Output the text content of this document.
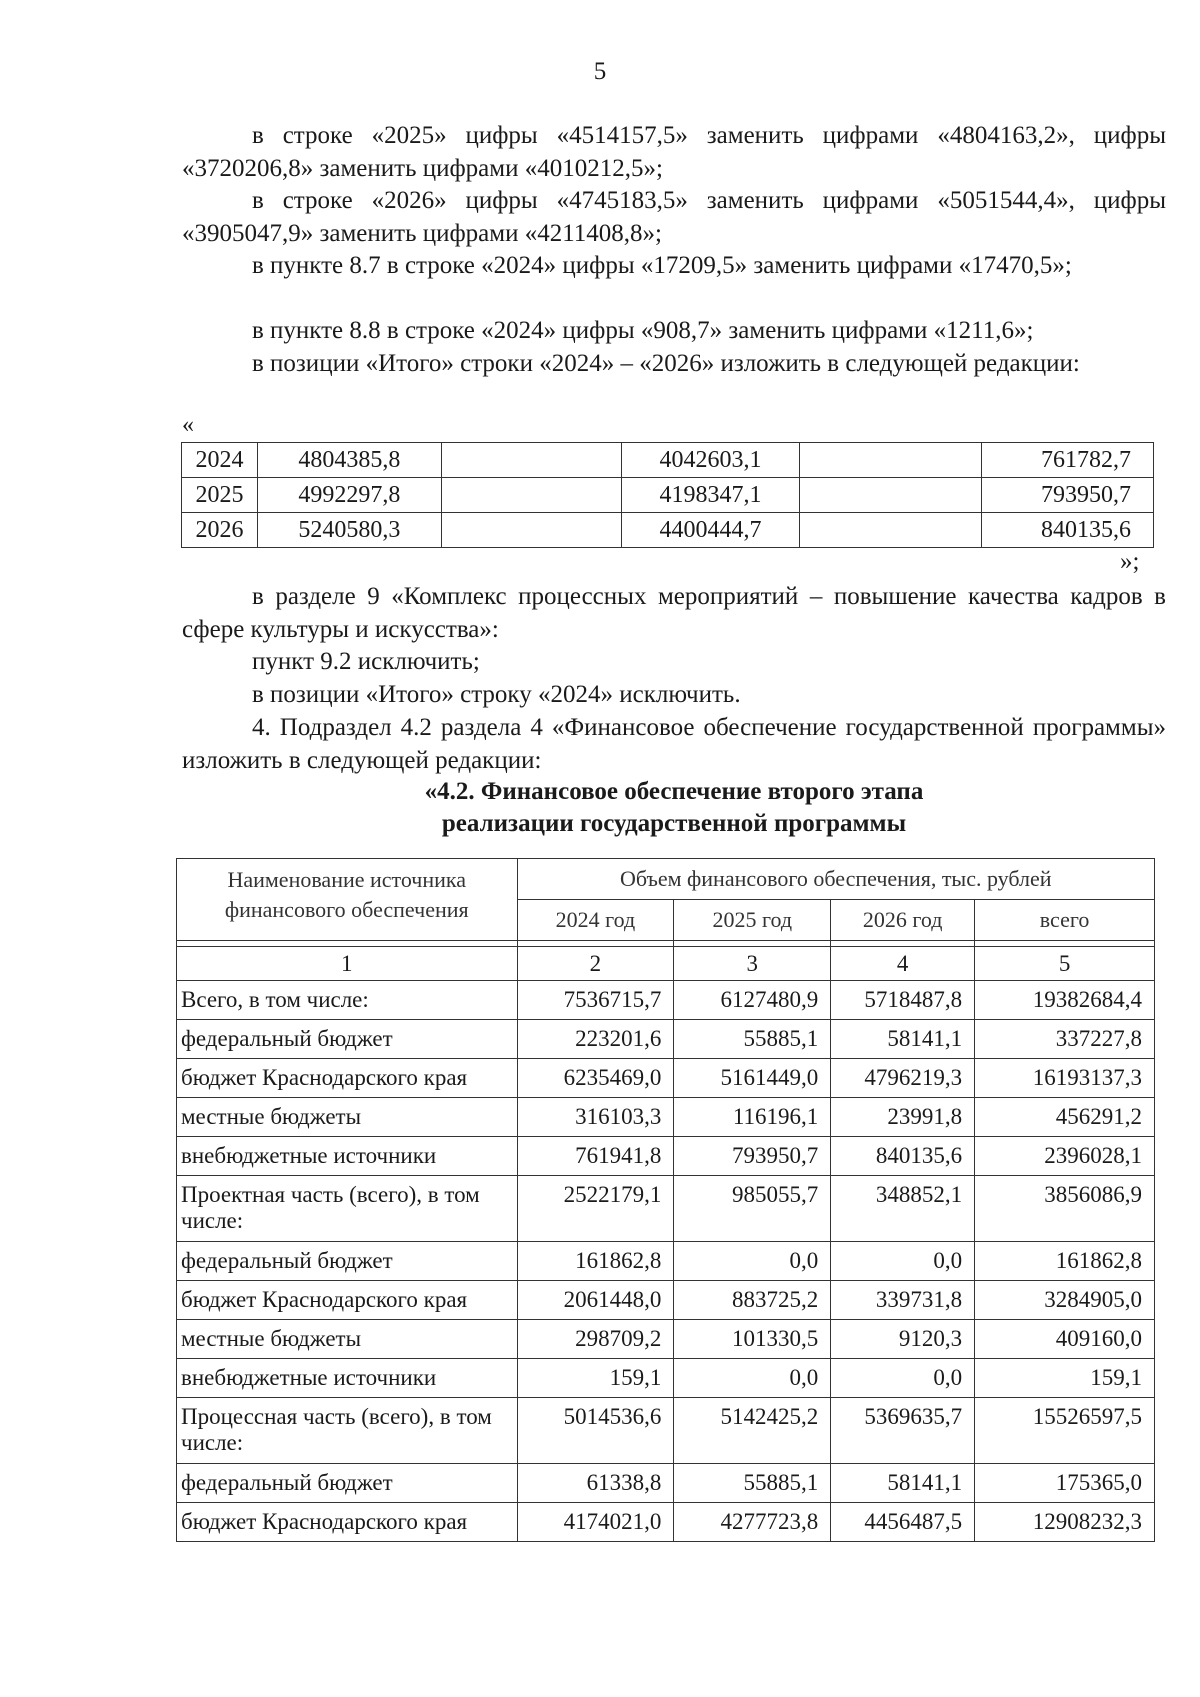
5
в строке «2025» цифры «4514157,5» заменить цифрами «4804163,2», цифры «3720206,8» заменить цифрами «4010212,5»;
в строке «2026» цифры «4745183,5» заменить цифрами «5051544,4», цифры «3905047,9» заменить цифрами «4211408,8»;
в пункте 8.7 в строке «2024» цифры «17209,5» заменить цифрами «17470,5»;
в пункте 8.8 в строке «2024» цифры «908,7» заменить цифрами «1211,6»;
в позиции «Итого» строки «2024» – «2026» изложить в следующей редакции:
«
2024	4804385,8		4042603,1		761782,7
2025	4992297,8		4198347,1		793950,7
2026	5240580,3		4400444,7		840135,6
»;
в разделе 9 «Комплекс процессных мероприятий – повышение качества кадров в сфере культуры и искусства»:
пункт 9.2 исключить;
в позиции «Итого» строку «2024» исключить.
4. Подраздел 4.2 раздела 4 «Финансовое обеспечение государственной программы» изложить в следующей редакции:
«4.2. Финансовое обеспечение второго этапа
реализации государственной программы
Наименование источника финансового обеспечения	Объем финансового обеспечения, тыс. рублей			
	2024 год	2025 год	2026 год	всего

1	2	3	4	5
Всего, в том числе:	7536715,7	6127480,9	5718487,8	19382684,4
федеральный бюджет	223201,6	55885,1	58141,1	337227,8
бюджет Краснодарского края	6235469,0	5161449,0	4796219,3	16193137,3
местные бюджеты	316103,3	116196,1	23991,8	456291,2
внебюджетные источники	761941,8	793950,7	840135,6	2396028,1
Проектная часть (всего), в том числе:	2522179,1	985055,7	348852,1	3856086,9
федеральный бюджет	161862,8	0,0	0,0	161862,8
бюджет Краснодарского края	2061448,0	883725,2	339731,8	3284905,0
местные бюджеты	298709,2	101330,5	9120,3	409160,0
внебюджетные источники	159,1	0,0	0,0	159,1
Процессная часть (всего), в том числе:	5014536,6	5142425,2	5369635,7	15526597,5
федеральный бюджет	61338,8	55885,1	58141,1	175365,0
бюджет Краснодарского края	4174021,0	4277723,8	4456487,5	12908232,3
